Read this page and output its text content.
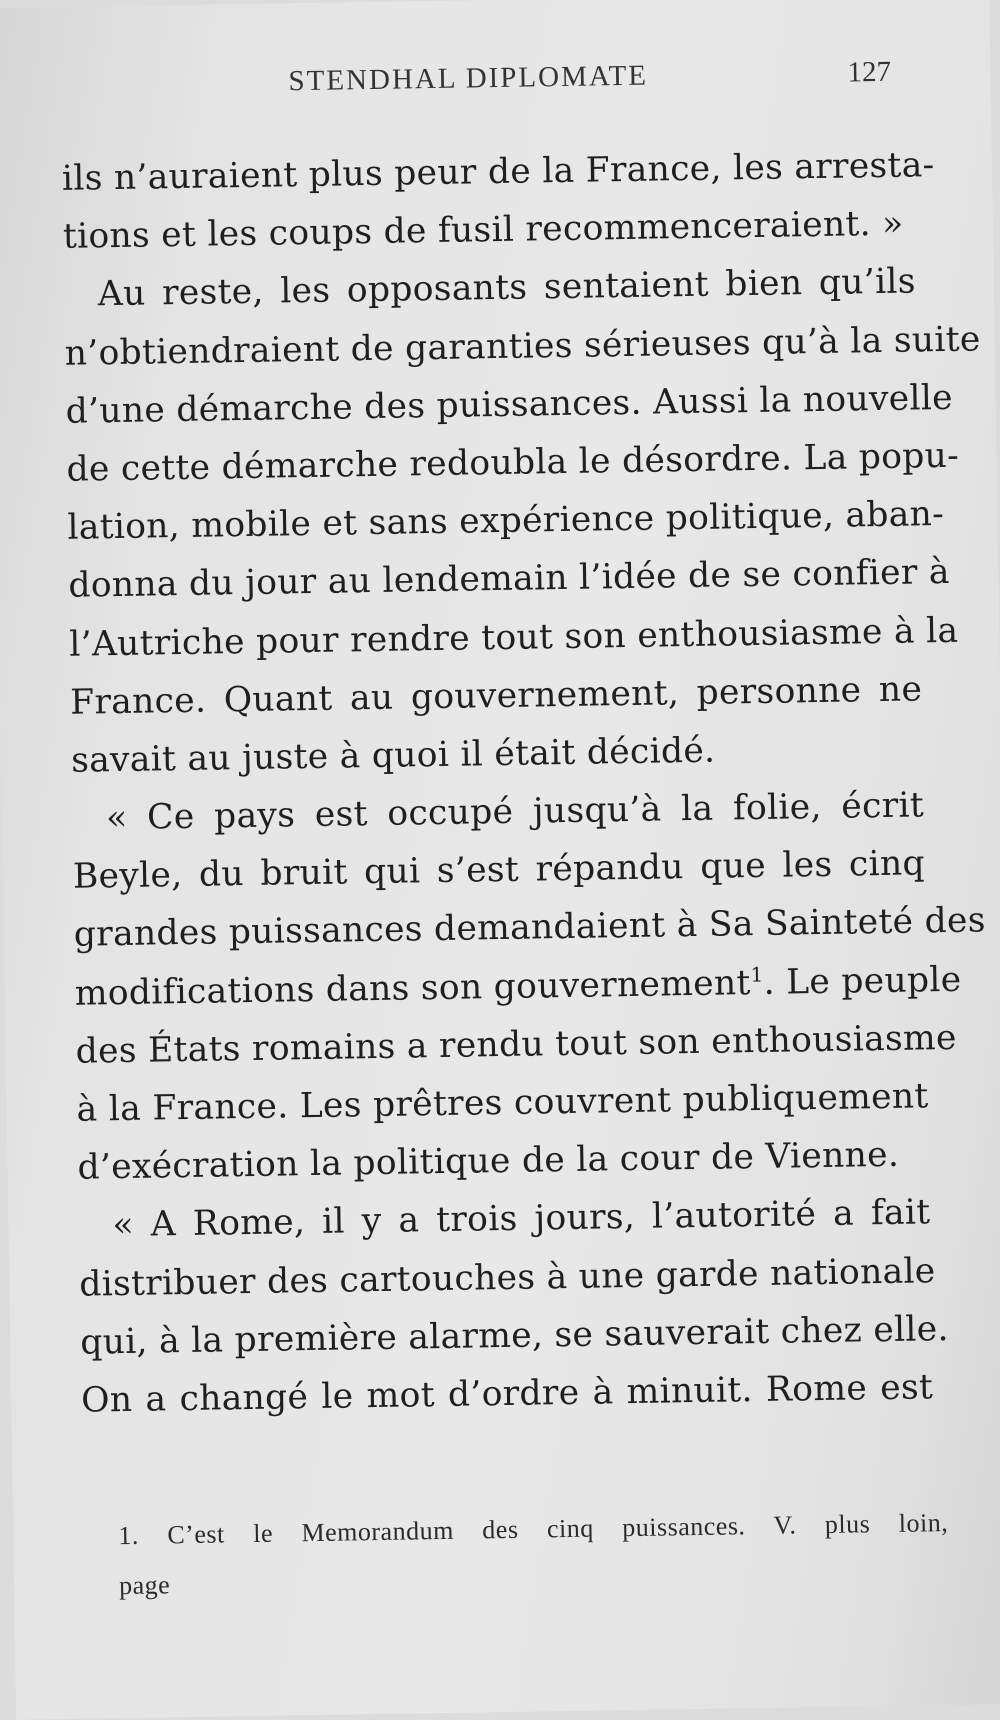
STENDHAL DIPLOMATE	127
ils n’auraient plus peur de la France, les arresta-
tions et les coups de fusil recommenceraient. »
Au reste, les opposants sentaient bien qu’ils
n’obtiendraient de garanties sérieuses qu’à la suite
d’une démarche des puissances. Aussi la nouvelle
de cette démarche redoubla le désordre. La popu-
lation, mobile et sans expérience politique, aban-
donna du jour au lendemain l’idée de se confier à
l’Autriche pour rendre tout son enthousiasme à la
France. Quant au gouvernement, personne ne
savait au juste à quoi il était décidé.
« Ce pays est occupé jusqu’à la folie, écrit
Beyle, du bruit qui s’est répandu que les cinq
grandes puissances demandaient à Sa Sainteté des
modifications dans son gouvernement$^1$. Le peuple
des États romains a rendu tout son enthousiasme
à la France. Les prêtres couvrent publiquement
d’exécration la politique de la cour de Vienne.
« A Rome, il y a trois jours, l’autorité a fait
distribuer des cartouches à une garde nationale
qui, à la première alarme, se sauverait chez elle.
On a changé le mot d’ordre à minuit. Rome est
1. C’est le Memorandum des cinq puissances. V. plus loin,
page
